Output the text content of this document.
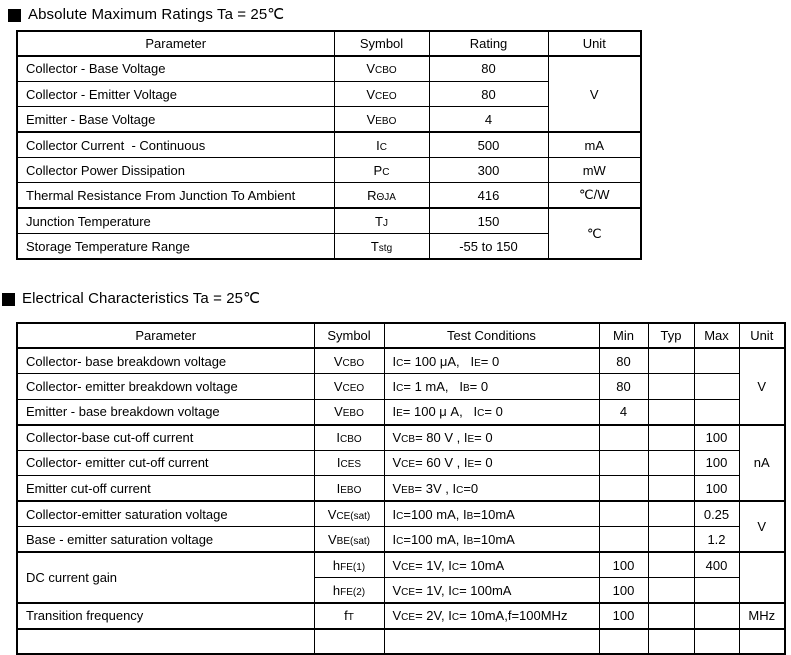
Absolute Maximum Ratings Ta = 25℃
Parameter	Symbol	Rating	Unit
Collector - Base Voltage	VCBO	80	V
Collector - Emitter Voltage	VCEO	80	
Emitter - Base Voltage	VEBO	4	
Collector Current  - Continuous	IC	500	mA
Collector Power Dissipation	PC	300	mW
Thermal Resistance From Junction To Ambient	RΘJA	416	℃/W
Junction Temperature	TJ	150	℃
Storage Temperature Range	Tstg	-55 to 150	
Electrical Characteristics Ta = 25℃
Parameter	Symbol	Test Conditions	Min	Typ	Max	Unit
Collector- base breakdown voltage	VCBO	IC= 100 μA,   IE= 0	80			V
Collector- emitter breakdown voltage	VCEO	IC= 1 mA,   IB= 0	80			
Emitter - base breakdown voltage	VEBO	IE= 100 μ A,   IC= 0	4			
Collector-base cut-off current	ICBO	VCB= 80 V , IE= 0			100	nA
Collector- emitter cut-off current	ICES	VCE= 60 V , IE= 0			100	
Emitter cut-off current	IEBO	VEB= 3V , IC=0			100	
Collector-emitter saturation voltage	VCE(sat)	IC=100 mA, IB=10mA			0.25	V
Base - emitter saturation voltage	VBE(sat)	IC=100 mA, IB=10mA			1.2	
DC current gain	hFE(1)	VCE= 1V, IC= 10mA	100		400	
	hFE(2)	VCE= 1V, IC= 100mA	100			
Transition frequency	fT	VCE= 2V, IC= 10mA,f=100MHz	100			MHz
